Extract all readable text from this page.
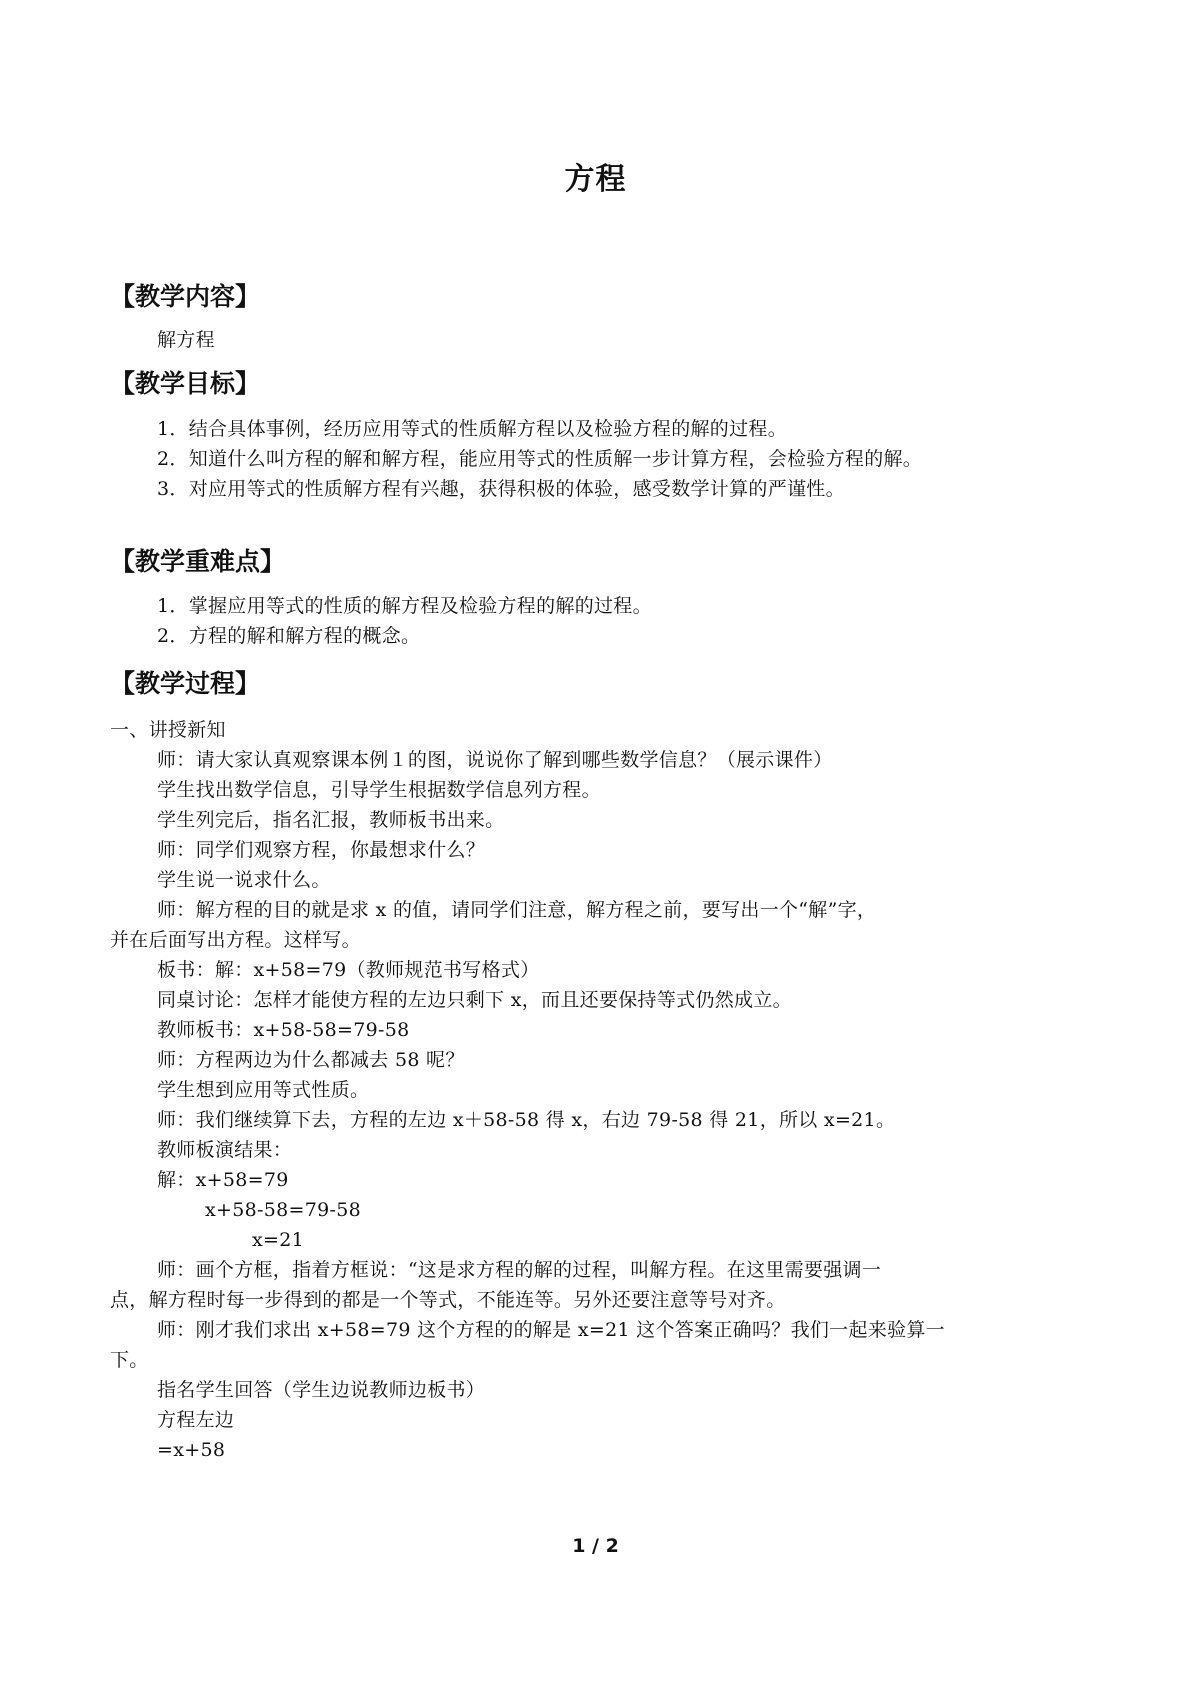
方程
【教学内容】
解方程
【教学目标】
1．结合具体事例，经历应用等式的性质解方程以及检验方程的解的过程。
2．知道什么叫方程的解和解方程，能应用等式的性质解一步计算方程，会检验方程的解。
3．对应用等式的性质解方程有兴趣，获得积极的体验，感受数学计算的严谨性。
【教学重难点】
1．掌握应用等式的性质的解方程及检验方程的解的过程。
2．方程的解和解方程的概念。
【教学过程】
一、讲授新知
师：请大家认真观察课本例１的图，说说你了解到哪些数学信息？（展示课件）
学生找出数学信息，引导学生根据数学信息列方程。
学生列完后，指名汇报，教师板书出来。
师：同学们观察方程，你最想求什么？
学生说一说求什么。
师：解方程的目的就是求 x 的值，请同学们注意，解方程之前，要写出一个“解”字，
并在后面写出方程。这样写。
板书：解：x+58=79（教师规范书写格式）
同桌讨论：怎样才能使方程的左边只剩下 x，而且还要保持等式仍然成立。
教师板书：x+58-58=79-58
师：方程两边为什么都减去 58 呢？
学生想到应用等式性质。
师：我们继续算下去，方程的左边 x＋58-58 得 x，右边 79-58 得 21，所以 x=21。
教师板演结果：
解：x+58=79
x+58-58=79-58
x=21
师：画个方框，指着方框说：“这是求方程的解的过程，叫解方程。在这里需要强调一
点，解方程时每一步得到的都是一个等式，不能连等。另外还要注意等号对齐。
师：刚才我们求出 x+58=79 这个方程的的解是 x=21 这个答案正确吗？我们一起来验算一
下。
指名学生回答（学生边说教师边板书）
方程左边
=x+58
1 / 2
